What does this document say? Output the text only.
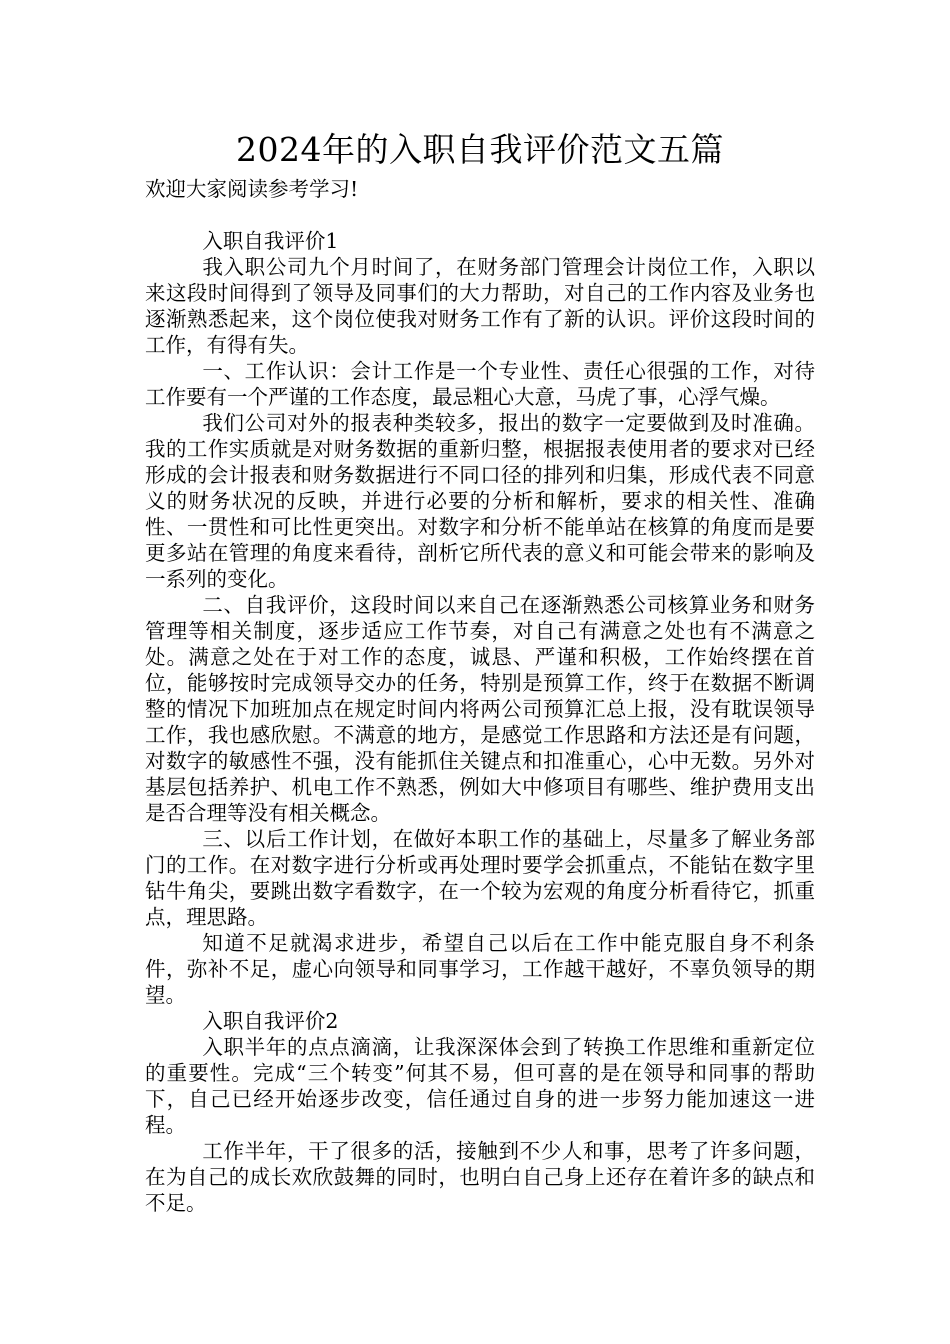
2024年的入职自我评价范文五篇

欢迎大家阅读参考学习!

入职自我评价1

我入职公司九个月时间了，在财务部门管理会计岗位工作，入职以来这段时间得到了领导及同事们的大力帮助，对自己的工作内容及业务也逐渐熟悉起来，这个岗位使我对财务工作有了新的认识。评价这段时间的工作，有得有失。

一、工作认识：会计工作是一个专业性、责任心很强的工作，对待工作要有一个严谨的工作态度，最忌粗心大意，马虎了事，心浮气燥。

我们公司对外的报表种类较多，报出的数字一定要做到及时准确。我的工作实质就是对财务数据的重新归整，根据报表使用者的要求对已经形成的会计报表和财务数据进行不同口径的排列和归集，形成代表不同意义的财务状况的反映，并进行必要的分析和解析，要求的相关性、准确性、一贯性和可比性更突出。对数字和分析不能单站在核算的角度而是要更多站在管理的角度来看待，剖析它所代表的意义和可能会带来的影响及一系列的变化。

二、自我评价，这段时间以来自己在逐渐熟悉公司核算业务和财务管理等相关制度，逐步适应工作节奏，对自己有满意之处也有不满意之处。满意之处在于对工作的态度，诚恳、严谨和积极，工作始终摆在首位，能够按时完成领导交办的任务，特别是预算工作，终于在数据不断调整的情况下加班加点在规定时间内将两公司预算汇总上报，没有耽误领导工作，我也感欣慰。不满意的地方，是感觉工作思路和方法还是有问题，对数字的敏感性不强，没有能抓住关键点和扣准重心，心中无数。另外对基层包括养护、机电工作不熟悉，例如大中修项目有哪些、维护费用支出是否合理等没有相关概念。

三、以后工作计划，在做好本职工作的基础上，尽量多了解业务部门的工作。在对数字进行分析或再处理时要学会抓重点，不能钻在数字里钻牛角尖，要跳出数字看数字，在一个较为宏观的角度分析看待它，抓重点，理思路。

知道不足就渴求进步，希望自己以后在工作中能克服自身不利条件，弥补不足，虚心向领导和同事学习，工作越干越好，不辜负领导的期望。

入职自我评价2

入职半年的点点滴滴，让我深深体会到了转换工作思维和重新定位的重要性。完成“三个转变”何其不易，但可喜的是在领导和同事的帮助下，自己已经开始逐步改变，信任通过自身的进一步努力能加速这一进程。

工作半年，干了很多的活，接触到不少人和事，思考了许多问题，在为自己的成长欢欣鼓舞的同时，也明白自己身上还存在着许多的缺点和不足。
